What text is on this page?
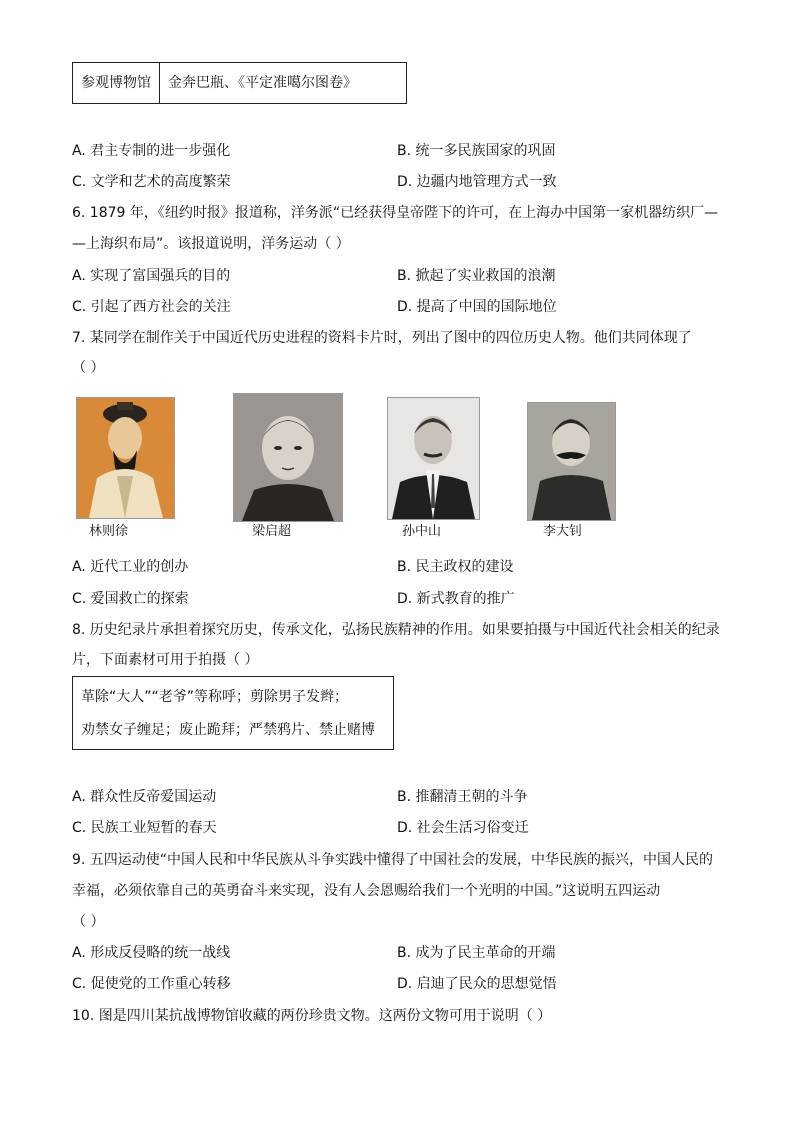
参观博物馆	金奔巴瓶、《平定准噶尔图卷》
A. 君主专制的进一步强化	B. 统一多民族国家的巩固
C. 文学和艺术的高度繁荣	D. 边疆内地管理方式一致
6. 1879 年，《纽约时报》报道称，洋务派“已经获得皇帝陛下的许可，在上海办中国第一家机器纺织厂—
—上海织布局”。该报道说明，洋务运动（ ）
A. 实现了富国强兵的目的	B. 掀起了实业救国的浪潮
C. 引起了西方社会的关注	D. 提高了中国的国际地位
7. 某同学在制作关于中国近代历史进程的资料卡片时，列出了图中的四位历史人物。他们共同体现了
（ ）
林则徐	梁启超	孙中山	李大钊
A. 近代工业的创办	B. 民主政权的建设
C. 爱国救亡的探索	D. 新式教育的推广
8. 历史纪录片承担着探究历史，传承文化，弘扬民族精神的作用。如果要拍摄与中国近代社会相关的纪录
片，下面素材可用于拍摄（ ）
革除“大人”“老爷”等称呼；剪除男子发辫；
劝禁女子缠足；废止跪拜；严禁鸦片、禁止赌博
A. 群众性反帝爱国运动	B. 推翻清王朝的斗争
C. 民族工业短暂的春天	D. 社会生活习俗变迁
9. 五四运动使“中国人民和中华民族从斗争实践中懂得了中国社会的发展，中华民族的振兴，中国人民的
幸福，必须依靠自己的英勇奋斗来实现，没有人会恩赐给我们一个光明的中国。”这说明五四运动
（ ）
A. 形成反侵略的统一战线	B. 成为了民主革命的开端
C. 促使党的工作重心转移	D. 启迪了民众的思想觉悟
10. 图是四川某抗战博物馆收藏的两份珍贵文物。这两份文物可用于说明（ ）
